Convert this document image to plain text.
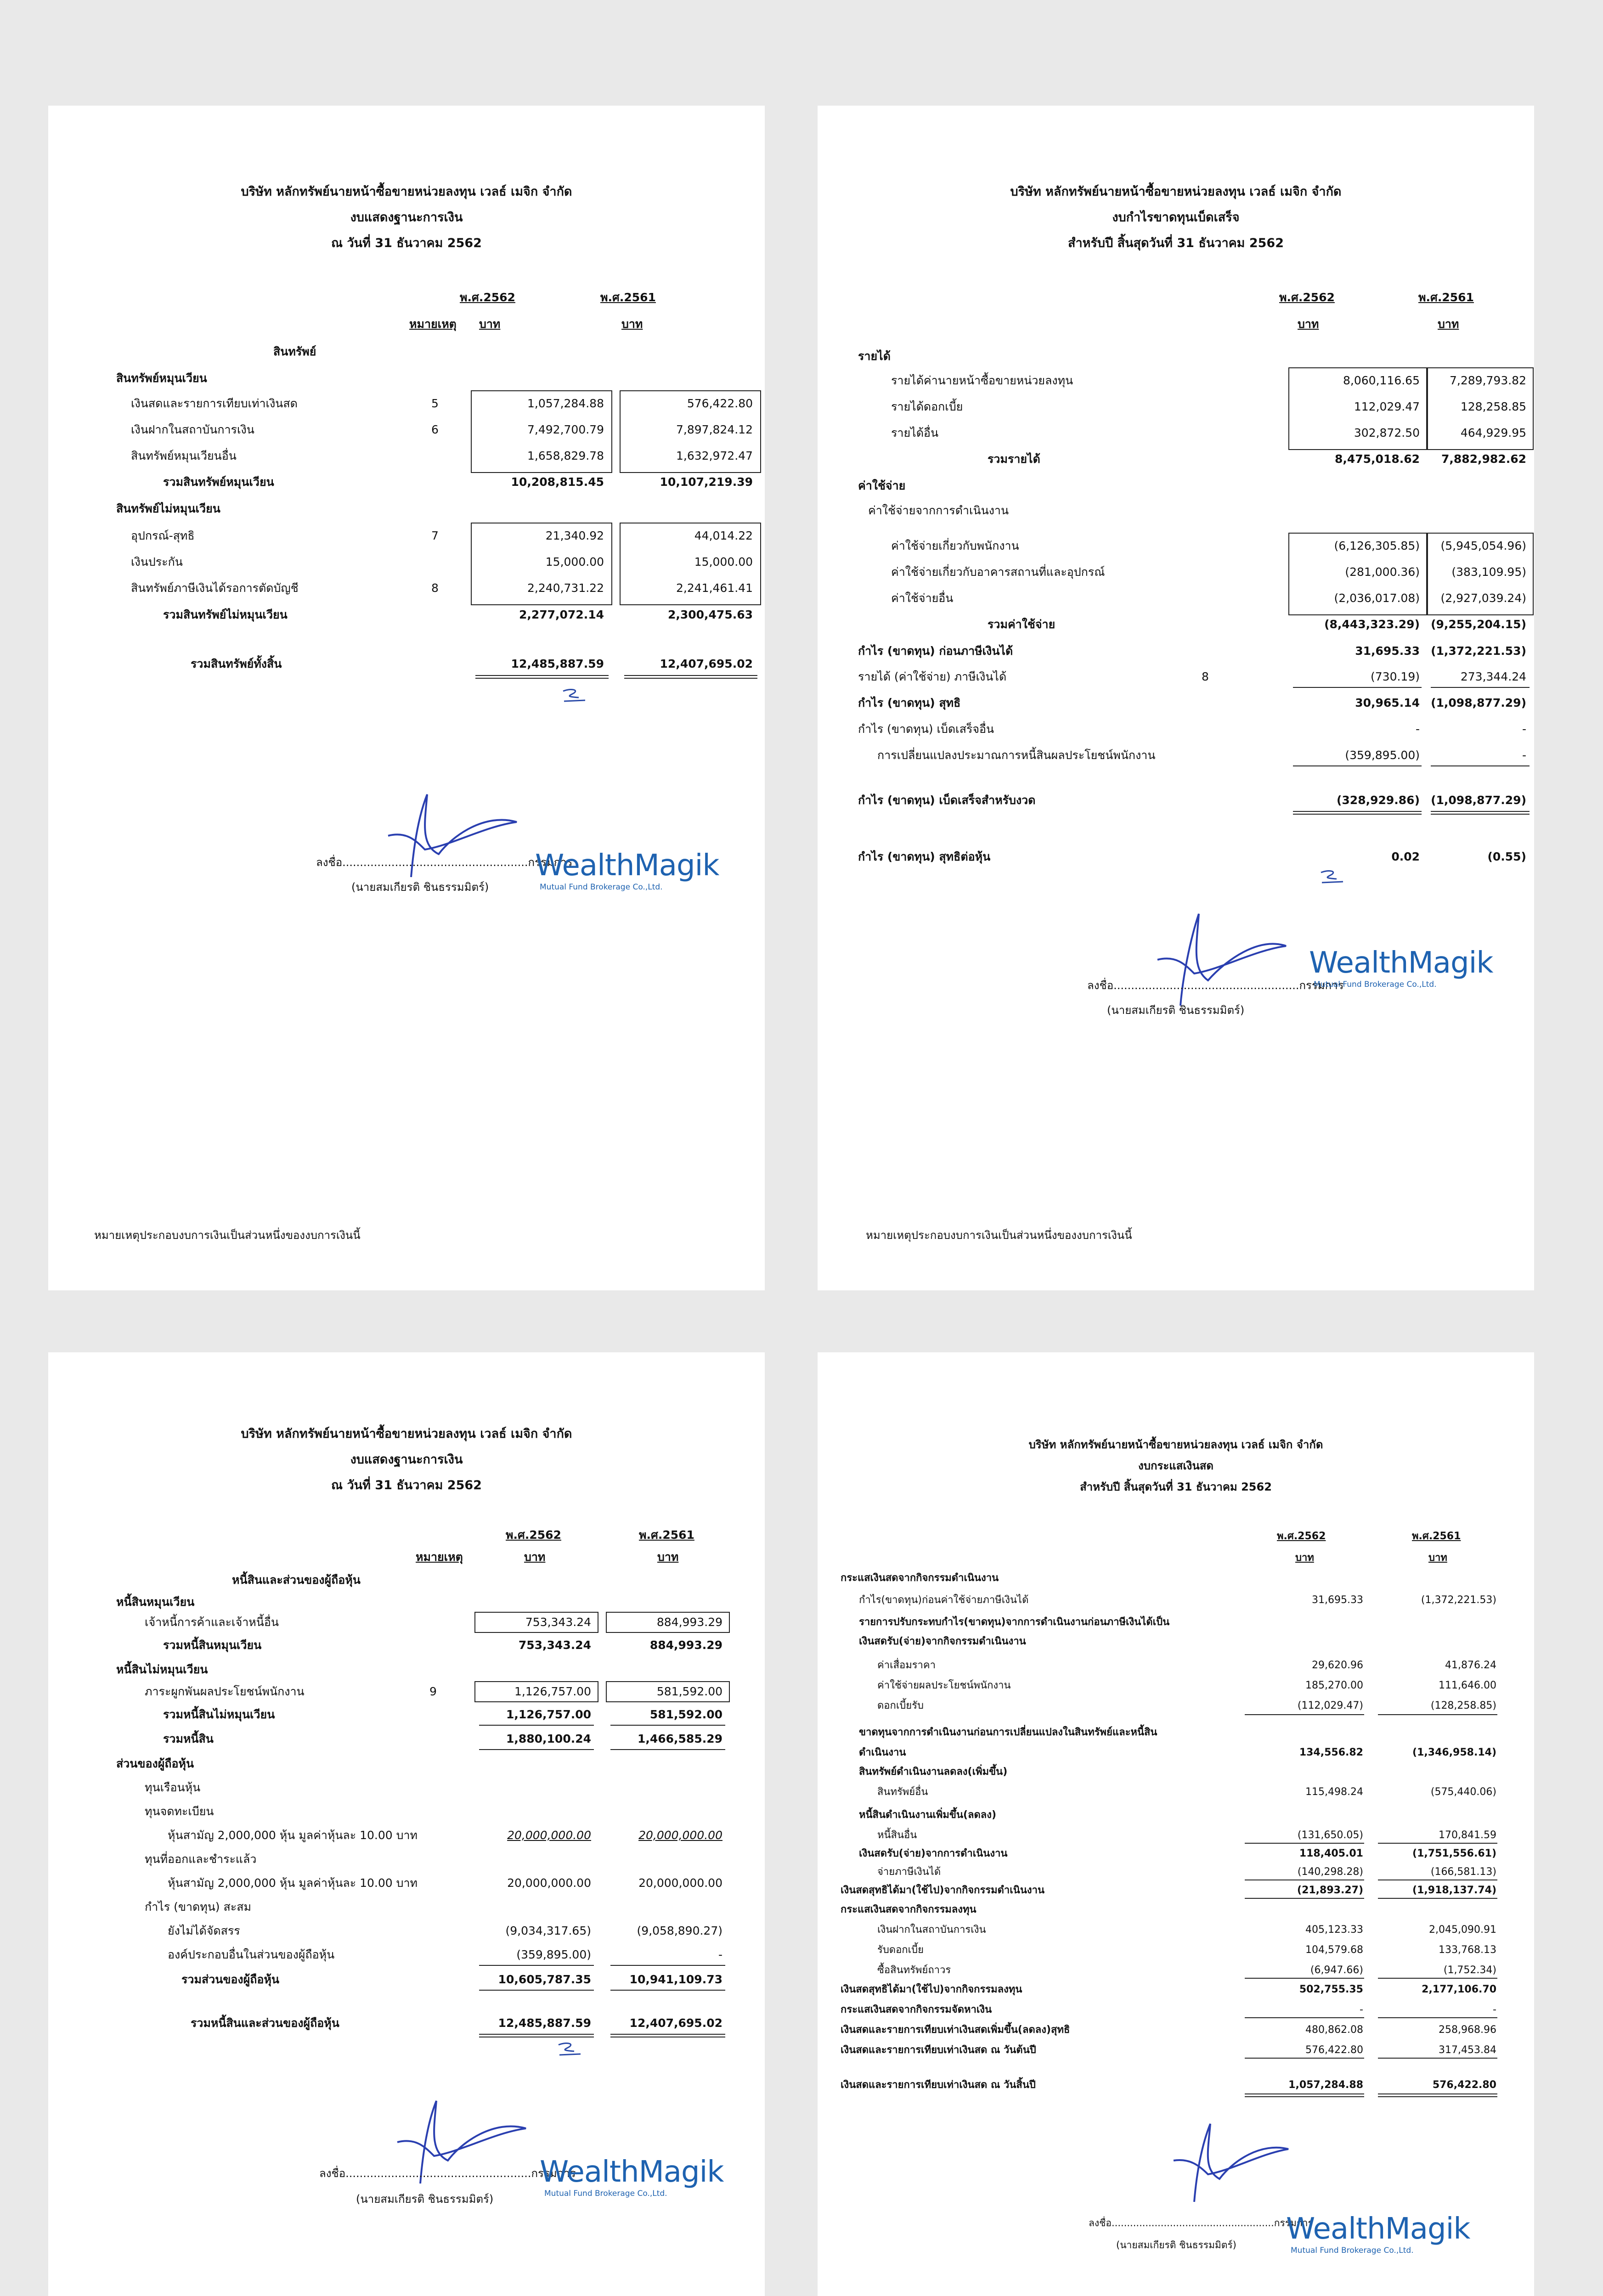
บริษัท หลักทรัพย์นายหน้าซื้อขายหน่วยลงทุน เวลธ์ เมจิก จำกัด
งบแสดงฐานะการเงิน
ณ วันที่ 31 ธันวาคม 2562
พ.ศ.2562	พ.ศ.2561
หมายเหตุ บาท	บาท
สินทรัพย์
สินทรัพย์หมุนเวียน
เงินสดและรายการเทียบเท่าเงินสด	5	1,057,284.88	576,422.80
เงินฝากในสถาบันการเงิน	6	7,492,700.79	7,897,824.12
สินทรัพย์หมุนเวียนอื่น	1,658,829.78	1,632,972.47
รวมสินทรัพย์หมุนเวียน	10,208,815.45	10,107,219.39
สินทรัพย์ไม่หมุนเวียน
อุปกรณ์-สุทธิ	7	21,340.92	44,014.22
เงินประกัน	15,000.00	15,000.00
สินทรัพย์ภาษีเงินได้รอการตัดบัญชี	8	2,240,731.22	2,241,461.41
รวมสินทรัพย์ไม่หมุนเวียน	2,277,072.14	2,300,475.63
รวมสินทรัพย์ทั้งสิ้น	12,485,887.59	12,407,695.02
ลงชื่อ.....................................................กรรมการ
(นายสมเกียรติ ชินธรรมมิตร์)
WealthMagik
Mutual Fund Brokerage Co.,Ltd.
หมายเหตุประกอบงบการเงินเป็นส่วนหนึ่งของงบการเงินนี้
บริษัท หลักทรัพย์นายหน้าซื้อขายหน่วยลงทุน เวลธ์ เมจิก จำกัด
งบกำไรขาดทุนเบ็ดเสร็จ
สำหรับปี สิ้นสุดวันที่ 31 ธันวาคม 2562
พ.ศ.2562	พ.ศ.2561
บาท	บาท
รายได้
รายได้ค่านายหน้าซื้อขายหน่วยลงทุน	8,060,116.65	7,289,793.82
รายได้ดอกเบี้ย	112,029.47	128,258.85
รายได้อื่น	302,872.50	464,929.95
รวมรายได้	8,475,018.62	7,882,982.62
ค่าใช้จ่าย
ค่าใช้จ่ายจากการดำเนินงาน
ค่าใช้จ่ายเกี่ยวกับพนักงาน	(6,126,305.85)	(5,945,054.96)
ค่าใช้จ่ายเกี่ยวกับอาคารสถานที่และอุปกรณ์	(281,000.36)	(383,109.95)
ค่าใช้จ่ายอื่น	(2,036,017.08)	(2,927,039.24)
รวมค่าใช้จ่าย	(8,443,323.29) (9,255,204.15)
กำไร (ขาดทุน) ก่อนภาษีเงินได้	31,695.33 (1,372,221.53)
รายได้ (ค่าใช้จ่าย) ภาษีเงินได้	8	(730.19)	273,344.24
กำไร (ขาดทุน) สุทธิ	30,965.14 (1,098,877.29)
กำไร (ขาดทุน) เบ็ดเสร็จอื่น	-	-
การเปลี่ยนแปลงประมาณการหนี้สินผลประโยชน์พนักงาน	(359,895.00)	-
กำไร (ขาดทุน) เบ็ดเสร็จสำหรับงวด	(328,929.86) (1,098,877.29)
กำไร (ขาดทุน) สุทธิต่อหุ้น	0.02	(0.55)
ลงชื่อ.....................................................กรรมการ
(นายสมเกียรติ ชินธรรมมิตร์)
WealthMagik
Mutual Fund Brokerage Co.,Ltd.
หมายเหตุประกอบงบการเงินเป็นส่วนหนึ่งของงบการเงินนี้
บริษัท หลักทรัพย์นายหน้าซื้อขายหน่วยลงทุน เวลธ์ เมจิก จำกัด
งบแสดงฐานะการเงิน
ณ วันที่ 31 ธันวาคม 2562
พ.ศ.2562	พ.ศ.2561
หมายเหตุ	บาท	บาท
หนี้สินและส่วนของผู้ถือหุ้น
หนี้สินหมุนเวียน
เจ้าหนี้การค้าและเจ้าหนี้อื่น	753,343.24	884,993.29
รวมหนี้สินหมุนเวียน	753,343.24	884,993.29
หนี้สินไม่หมุนเวียน
ภาระผูกพันผลประโยชน์พนักงาน	9	1,126,757.00	581,592.00
รวมหนี้สินไม่หมุนเวียน	1,126,757.00	581,592.00
รวมหนี้สิน	1,880,100.24	1,466,585.29
ส่วนของผู้ถือหุ้น
ทุนเรือนหุ้น
ทุนจดทะเบียน
หุ้นสามัญ 2,000,000 หุ้น มูลค่าหุ้นละ 10.00 บาท	20,000,000.00	20,000,000.00
ทุนที่ออกและชำระแล้ว
หุ้นสามัญ 2,000,000 หุ้น มูลค่าหุ้นละ 10.00 บาท	20,000,000.00	20,000,000.00
กำไร (ขาดทุน) สะสม
ยังไม่ได้จัดสรร	(9,034,317.65)	(9,058,890.27)
องค์ประกอบอื่นในส่วนของผู้ถือหุ้น	(359,895.00)	-
รวมส่วนของผู้ถือหุ้น	10,605,787.35	10,941,109.73
รวมหนี้สินและส่วนของผู้ถือหุ้น	12,485,887.59	12,407,695.02
ลงชื่อ.....................................................กรรมการ
(นายสมเกียรติ ชินธรรมมิตร์)
WealthMagik
Mutual Fund Brokerage Co.,Ltd.
บริษัท หลักทรัพย์นายหน้าซื้อขายหน่วยลงทุน เวลธ์ เมจิก จำกัด
งบกระแสเงินสด
สำหรับปี สิ้นสุดวันที่ 31 ธันวาคม 2562
พ.ศ.2562	พ.ศ.2561
บาท	บาท
กระแสเงินสดจากกิจกรรมดำเนินงาน
กำไร(ขาดทุน)ก่อนค่าใช้จ่ายภาษีเงินได้	31,695.33	(1,372,221.53)
รายการปรับกระทบกำไร(ขาดทุน)จากการดำเนินงานก่อนภาษีเงินได้เป็น
เงินสดรับ(จ่าย)จากกิจกรรมดำเนินงาน
ค่าเสื่อมราคา	29,620.96	41,876.24
ค่าใช้จ่ายผลประโยชน์พนักงาน	185,270.00	111,646.00
ดอกเบี้ยรับ	(112,029.47)	(128,258.85)
ขาดทุนจากการดำเนินงานก่อนการเปลี่ยนแปลงในสินทรัพย์และหนี้สิน
ดำเนินงาน	134,556.82	(1,346,958.14)
สินทรัพย์ดำเนินงานลดลง(เพิ่มขึ้น)
สินทรัพย์อื่น	115,498.24	(575,440.06)
หนี้สินดำเนินงานเพิ่มขึ้น(ลดลง)
หนี้สินอื่น	(131,650.05)	170,841.59
เงินสดรับ(จ่าย)จากการดำเนินงาน	118,405.01	(1,751,556.61)
จ่ายภาษีเงินได้	(140,298.28)	(166,581.13)
เงินสดสุทธิได้มา(ใช้ไป)จากกิจกรรมดำเนินงาน	(21,893.27)	(1,918,137.74)
กระแสเงินสดจากกิจกรรมลงทุน
เงินฝากในสถาบันการเงิน	405,123.33	2,045,090.91
รับดอกเบี้ย	104,579.68	133,768.13
ซื้อสินทรัพย์ถาวร	(6,947.66)	(1,752.34)
เงินสดสุทธิได้มา(ใช้ไป)จากกิจกรรมลงทุน	502,755.35	2,177,106.70
กระแสเงินสดจากกิจกรรมจัดหาเงิน	-	-
เงินสดและรายการเทียบเท่าเงินสดเพิ่มขึ้น(ลดลง)สุทธิ	480,862.08	258,968.96
เงินสดและรายการเทียบเท่าเงินสด ณ วันต้นปี	576,422.80	317,453.84
เงินสดและรายการเทียบเท่าเงินสด ณ วันสิ้นปี	1,057,284.88	576,422.80
ลงชื่อ.....................................................กรรมการ
(นายสมเกียรติ ชินธรรมมิตร์) WealthMagik
Mutual Fund Brokerage Co.,Ltd.
